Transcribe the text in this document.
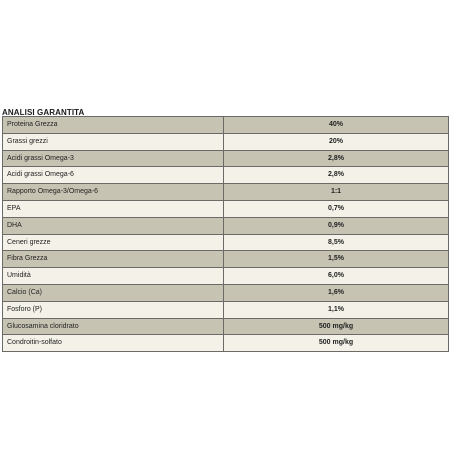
ANALISI GARANTITA
Proteina Grezza	40%
Grassi grezzi	20%
Acidi grassi Omega-3	2,8%
Acidi grassi Omega-6	2,8%
Rapporto Omega-3/Omega-6	1:1
EPA	0,7%
DHA	0,9%
Ceneri grezze	8,5%
Fibra Grezza	1,5%
Umidità	6,0%
Calcio (Ca)	1,6%
Fosforo (P)	1,1%
Glucosamina cloridrato	500 mg/kg
Condroitin-solfato	500 mg/kg
